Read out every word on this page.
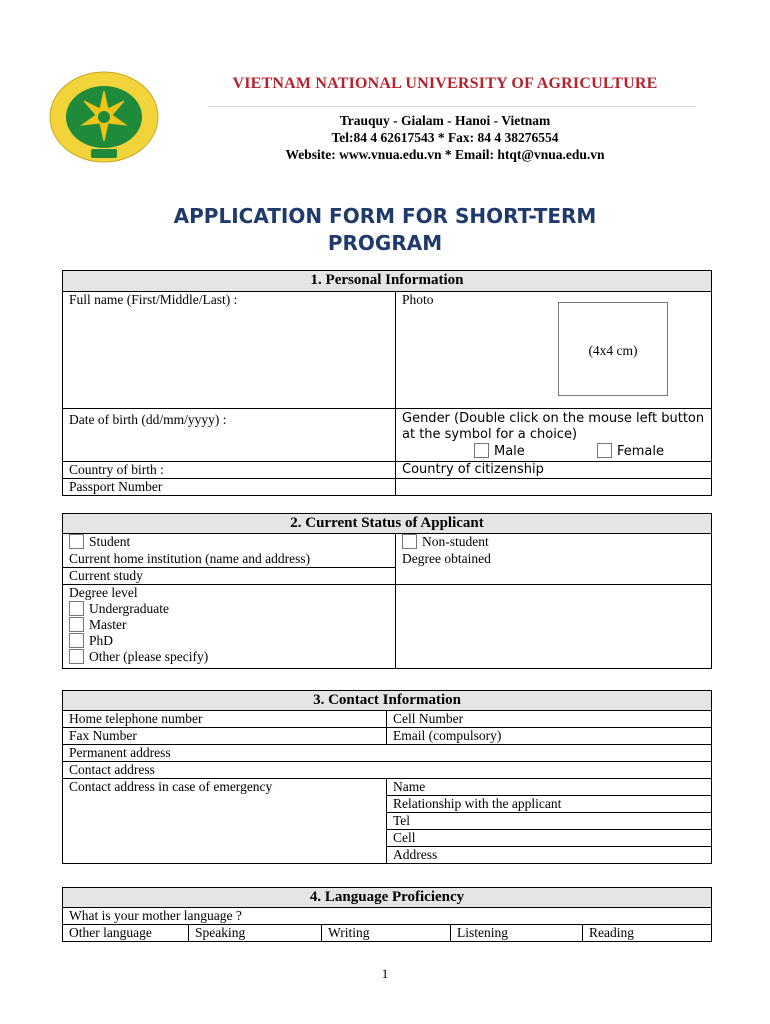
VIETNAM NATIONAL UNIVERSITY OF AGRICULTURE
Trauquy - Gialam - Hanoi - Vietnam
Tel:84 4 62617543 * Fax: 84 4 38276554
Website: www.vnua.edu.vn * Email: htqt@vnua.edu.vn
APPLICATION FORM FOR SHORT-TERM
PROGRAM
1. Personal Information	
Full name (First/Middle/Last) :	Photo
(4x4 cm)

Date of birth (dd/mm/yyyy) :	Gender (Double click on the mouse left button at the symbol for a choice)
Male Female

Country of birth :	Country of citizenship
Passport Number	
2. Current Status of Applicant	
Student	Non-student
Current home institution (name and address)	Degree obtained
Current study	

Degree level
Undergraduate
Master
PhD
Other (please specify)	

3. Contact Information	
Home telephone number	Cell Number
Fax Number	Email (compulsory)
Permanent address	
Contact address	
Contact address in case of emergency	Name
	Relationship with the applicant
	Tel
	Cell
	Address
4. Language Proficiency
What is your mother language ?
Other language	Speaking	Writing	Listening	Reading
1
